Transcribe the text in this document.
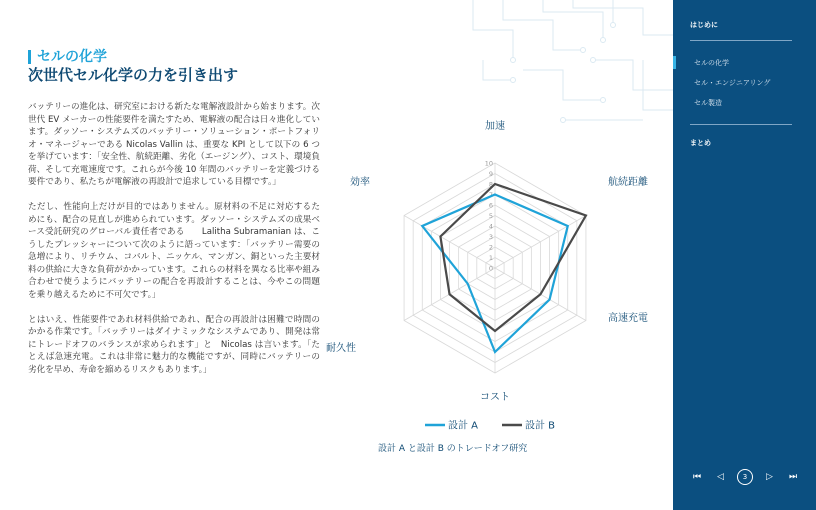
セルの化学
次世代セル化学の力を引き出す

バッテリーの進化は、研究室における新たな電解液設計から始まります。次世代 EV メーカーの性能要件を満たすため、電解液の配合は日々進化しています。ダッソー・システムズのバッテリー・ソリューション・ポートフォリオ・マネージャーである Nicolas Vallin は、重要な KPI として以下の 6 つを挙げています：「安全性、航続距離、劣化（エージング）、コスト、環境負荷、そして充電速度です。これらが今後 10 年間のバッテリーを定義づける要件であり、私たちが電解液の再設計で追求している目標です。」

ただし、性能向上だけが目的ではありません。原材料の不足に対応するためにも、配合の見直しが進められています。ダッソー・システムズの成果ベース受託研究のグローバル責任者である　　Lalitha Subramanian は、こうしたプレッシャーについて次のように語っています：「バッテリー需要の急増により、リチウム、コバルト、ニッケル、マンガン、銅といった主要材料の供給に大きな負荷がかかっています。これらの材料を異なる比率や組み合わせで使うようにバッテリーの配合を再設計することは、今やこの問題を乗り越えるために不可欠です。」

とはいえ、性能要件であれ材料供給であれ、配合の再設計は困難で時間のかかる作業です。「バッテリーはダイナミックなシステムであり、開発は常にトレードオフのバランスが求められます」と　Nicolas は言います。「たとえば急速充電。これは非常に魅力的な機能ですが、同時にバッテリーの劣化を早め、寿命を縮めるリスクもあります。」

0
1
2
3
4
5
6
7
8
9
10
加速
航続距離
高速充電
コスト
耐久性
効率
設計 A	設計 B
設計 A と設計 B のトレードオフ研究
はじめに
セルの化学
セル・エンジニアリング
セル製造
まとめ
⏮	◁	3	▷	⏭
